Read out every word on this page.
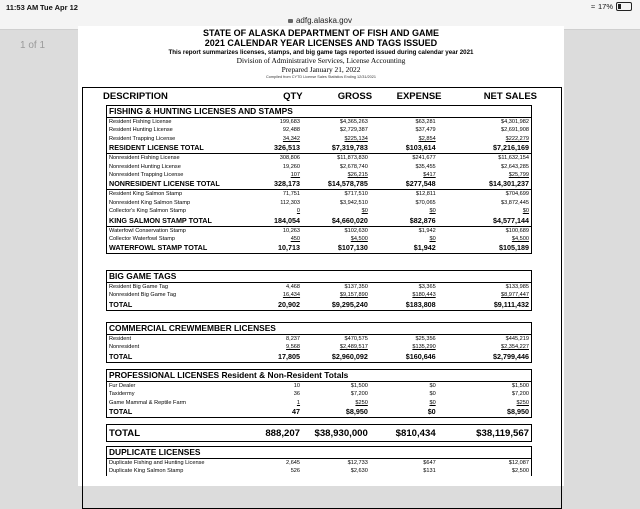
11:53 AM Tue Apr 12	≈ 17%
adfg.alaska.gov
1 of 1
STATE OF ALASKA DEPARTMENT OF FISH AND GAME
2021 CALENDAR YEAR LICENSES AND TAGS ISSUED
This report summarizes licenses, stamps, and big game tags reported issued during calendar year 2021
Division of Administrative Services, License Accounting
Prepared January 21, 2022
Compiled from CYTD License Sales Statistics Ending 12/31/2021
DESCRIPTION	QTY	GROSS	EXPENSE	NET SALES
FISHING & HUNTING LICENSES AND STAMPS
Resident Fishing License	199,683	$4,365,263	$63,281	$4,301,982
Resident Hunting License	92,488	$2,729,387	$37,479	$2,691,908
Resident Trapping License	34,342	$225,134	$2,854	$222,279
RESIDENT LICENSE TOTAL	326,513	$7,319,783	$103,614	$7,216,169
Nonresident Fishing License	308,806	$11,873,830	$241,677	$11,632,154
Nonresident Hunting License	19,260	$2,678,740	$35,455	$2,643,285
Nonresident Trapping License	107	$26,215	$417	$25,799
NONRESIDENT LICENSE TOTAL	328,173	$14,578,785	$277,548	$14,301,237
Resident King Salmon Stamp	71,751	$717,510	$12,811	$704,699
Nonresident King Salmon Stamp	112,303	$3,942,510	$70,065	$3,872,445
Collector's King Salmon Stamp	0	$0	$0	$0
KING SALMON STAMP TOTAL	184,054	$4,660,020	$82,876	$4,577,144
Waterfowl Conservation Stamp	10,263	$102,630	$1,942	$100,689
Collector Waterfowl Stamp	450	$4,500	$0	$4,500
WATERFOWL STAMP TOTAL	10,713	$107,130	$1,942	$105,189
BIG GAME TAGS
Resident Big Game Tag	4,468	$137,350	$3,365	$133,985
Nonresident Big Game Tag	16,434	$9,157,890	$180,443	$8,977,447
TOTAL	20,902	$9,295,240	$183,808	$9,111,432
COMMERCIAL CREWMEMBER LICENSES
Resident	8,237	$470,575	$25,356	$445,219
Nonresident	9,568	$2,489,517	$135,290	$2,354,227
TOTAL	17,805	$2,960,092	$160,646	$2,799,446
PROFESSIONAL LICENSES Resident & Non-Resident Totals
Fur Dealer	10	$1,500	$0	$1,500
Taxidermy	36	$7,200	$0	$7,200
Game Mammal & Reptile Farm	1	$250	$0	$250
TOTAL	47	$8,950	$0	$8,950
TOTAL	888,207	$38,930,000	$810,434	$38,119,567
DUPLICATE LICENSES
Duplicate Fishing and Hunting License	2,645	$12,733	$647	$12,087
Duplicate King Salmon Stamp	526	$2,630	$131	$2,500
